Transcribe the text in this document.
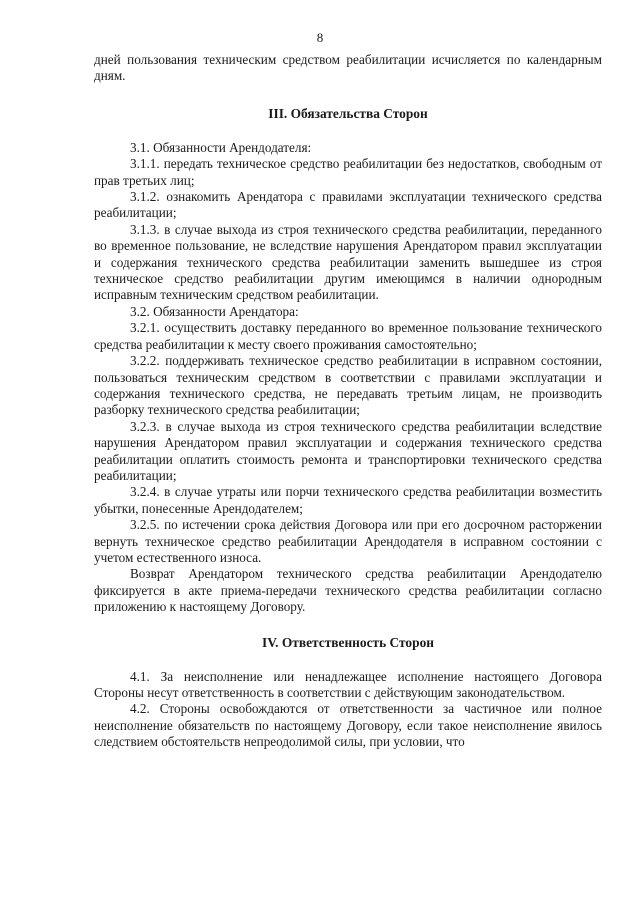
8

дней пользования техническим средством реабилитации исчисляется по календарным дням.

III. Обязательства Сторон

3.1. Обязанности Арендодателя:

3.1.1. передать техническое средство реабилитации без недостатков, свободным от прав третьих лиц;

3.1.2. ознакомить Арендатора с правилами эксплуатации технического средства реабилитации;

3.1.3. в случае выхода из строя технического средства реабилитации, переданного во временное пользование, не вследствие нарушения Арендатором правил эксплуатации и содержания технического средства реабилитации заменить вышедшее из строя техническое средство реабилитации другим имеющимся в наличии однородным исправным техническим средством реабилитации.

3.2. Обязанности Арендатора:

3.2.1. осуществить доставку переданного во временное пользование технического средства реабилитации к месту своего проживания самостоятельно;

3.2.2. поддерживать техническое средство реабилитации в исправном состоянии, пользоваться техническим средством в соответствии с правилами эксплуатации и содержания технического средства, не передавать третьим лицам, не производить разборку технического средства реабилитации;

3.2.3. в случае выхода из строя технического средства реабилитации вследствие нарушения Арендатором правил эксплуатации и содержания технического средства реабилитации оплатить стоимость ремонта и транспортировки технического средства реабилитации;

3.2.4. в случае утраты или порчи технического средства реабилитации возместить убытки, понесенные Арендодателем;

3.2.5. по истечении срока действия Договора или при его досрочном расторжении вернуть техническое средство реабилитации Арендодателя в исправном состоянии с учетом естественного износа.

Возврат Арендатором технического средства реабилитации Арендодателю фиксируется в акте приема-передачи технического средства реабилитации согласно приложению к настоящему Договору.

IV. Ответственность Сторон

4.1. За неисполнение или ненадлежащее исполнение настоящего Договора Стороны несут ответственность в соответствии с действующим законодательством.

4.2. Стороны освобождаются от ответственности за частичное или полное неисполнение обязательств по настоящему Договору, если такое неисполнение явилось следствием обстоятельств непреодолимой силы, при условии, что
